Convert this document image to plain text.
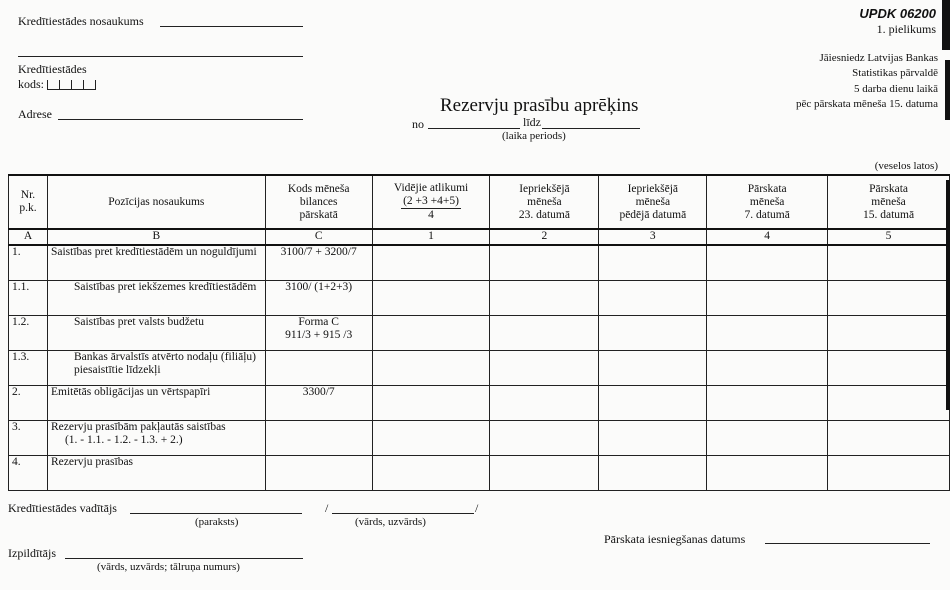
Kredītiestādes nosaukums
Kredītiestādes
kods:
Adrese
UPDK 06200
1. pielikums
Jāiesniedz Latvijas Bankas
Statistikas pārvaldē
5 darba dienu laikā
pēc pārskata mēneša 15. datuma
Rezervju prasību aprēķins
no	līdz
(laika periods)
(veselos latos)
Nr.
p.k.	Pozīcijas nosaukums	Kods mēneša
bilances
pārskatā	Vidējie atlikumi
(2 +3 +4+5)
4	Iepriekšējā
mēneša
23. datumā	Iepriekšējā
mēneša
pēdējā datumā	Pārskata
mēneša
7. datumā	Pārskata
mēneša
15. datumā
A	B	C	1	2	3	4	5
1.	Saistības pret kredītiestādēm un noguldījumi	3100/7 + 3200/7					
1.1.	Saistības pret iekšzemes kredītiestādēm	3100/ (1+2+3)					
1.2.	Saistības pret valsts budžetu	Forma C
911/3 + 915 /3					
1.3.	Bankas ārvalstīs atvērto nodaļu (filiāļu) piesaistītie līdzekļi						
2.	Emitētās obligācijas un vērtspapīri	3300/7					
3.	Rezervju prasībām pakļautās saistības
(1. - 1.1. - 1.2. - 1.3. + 2.)						
4.	Rezervju prasības						
Kredītiestādes vadītājs
(paraksts)
/	/
(vārds, uzvārds)
Pārskata iesniegšanas datums
Izpildītājs
(vārds, uzvārds; tālruņa numurs)
